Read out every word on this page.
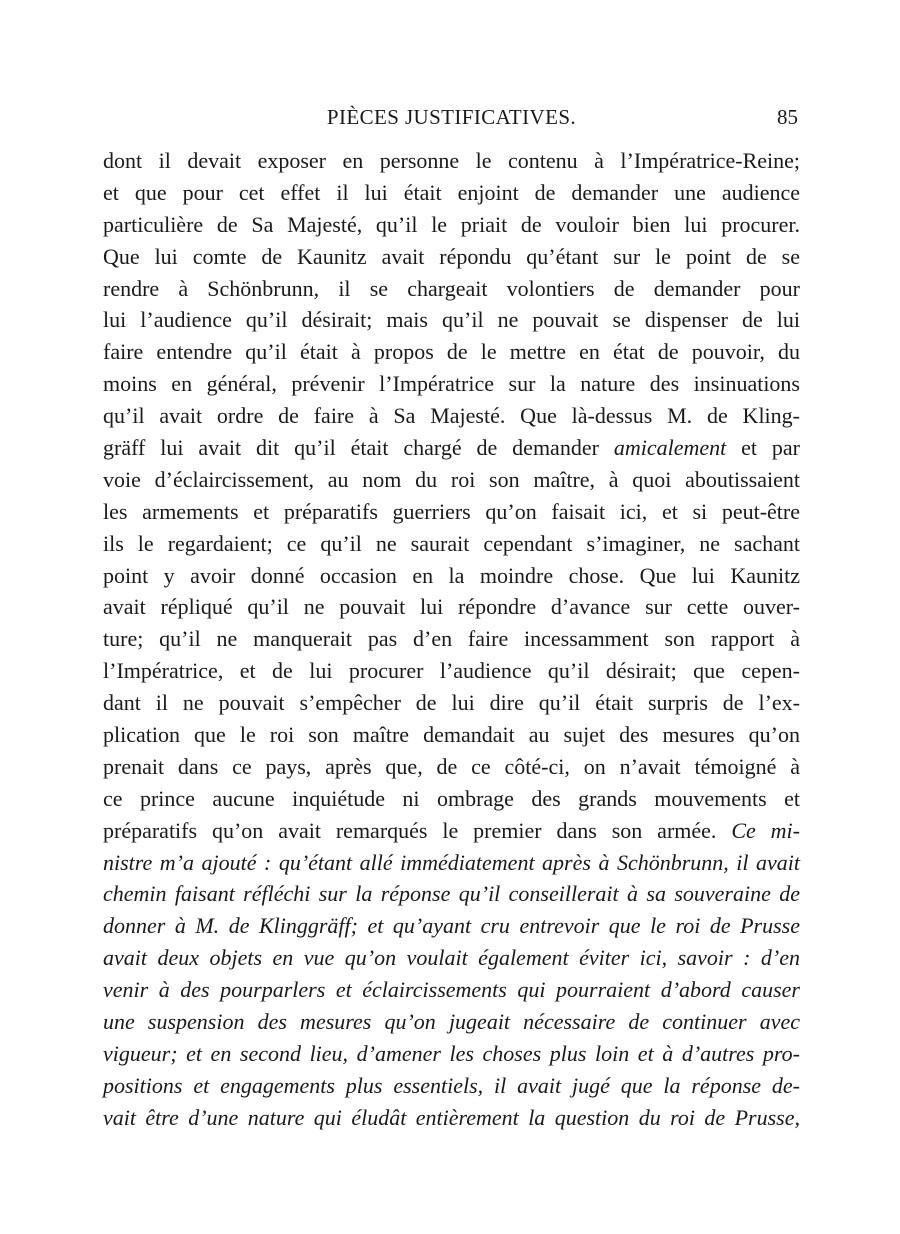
PIÈCES JUSTIFICATIVES.	85
dont il devait exposer en personne le contenu à l’Impératrice-Reine;
et que pour cet effet il lui était enjoint de demander une audience
particulière de Sa Majesté, qu’il le priait de vouloir bien lui procurer.
Que lui comte de Kaunitz avait répondu qu’étant sur le point de se
rendre à Schönbrunn, il se chargeait volontiers de demander pour
lui l’audience qu’il désirait; mais qu’il ne pouvait se dispenser de lui
faire entendre qu’il était à propos de le mettre en état de pouvoir, du
moins en général, prévenir l’Impératrice sur la nature des insinuations
qu’il avait ordre de faire à Sa Majesté. Que là-dessus M. de Kling-
gräff lui avait dit qu’il était chargé de demander amicalement et par
voie d’éclaircissement, au nom du roi son maître, à quoi aboutissaient
les armements et préparatifs guerriers qu’on faisait ici, et si peut-être
ils le regardaient; ce qu’il ne saurait cependant s’imaginer, ne sachant
point y avoir donné occasion en la moindre chose. Que lui Kaunitz
avait répliqué qu’il ne pouvait lui répondre d’avance sur cette ouver-
ture; qu’il ne manquerait pas d’en faire incessamment son rapport à
l’Impératrice, et de lui procurer l’audience qu’il désirait; que cepen-
dant il ne pouvait s’empêcher de lui dire qu’il était surpris de l’ex-
plication que le roi son maître demandait au sujet des mesures qu’on
prenait dans ce pays, après que, de ce côté-ci, on n’avait témoigné à
ce prince aucune inquiétude ni ombrage des grands mouvements et
préparatifs qu’on avait remarqués le premier dans son armée. Ce mi-
nistre m’a ajouté : qu’étant allé immédiatement après à Schönbrunn, il avait
chemin faisant réfléchi sur la réponse qu’il conseillerait à sa souveraine de
donner à M. de Klinggräff; et qu’ayant cru entrevoir que le roi de Prusse
avait deux objets en vue qu’on voulait également éviter ici, savoir : d’en
venir à des pourparlers et éclaircissements qui pourraient d’abord causer
une suspension des mesures qu’on jugeait nécessaire de continuer avec
vigueur; et en second lieu, d’amener les choses plus loin et à d’autres pro-
positions et engagements plus essentiels, il avait jugé que la réponse de-
vait être d’une nature qui éludât entièrement la question du roi de Prusse,
